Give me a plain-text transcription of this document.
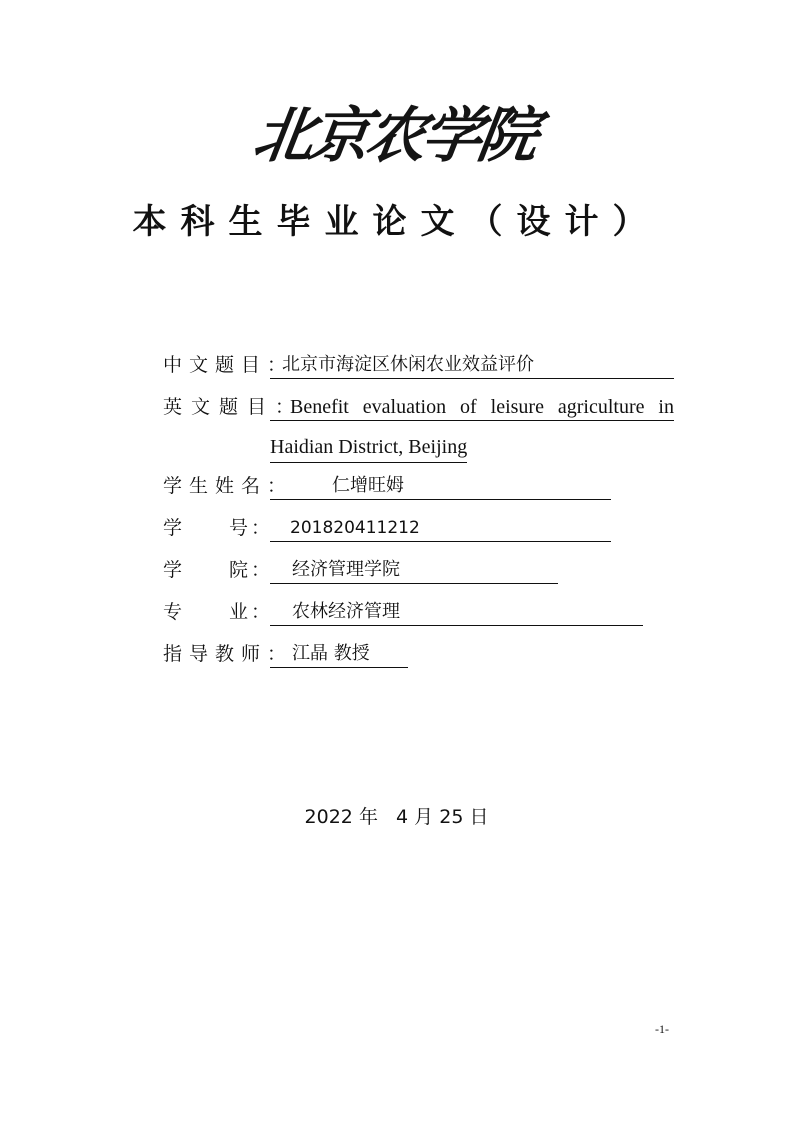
北京农学院
本科生毕业论文（设计）
中文题目：
北京市海淀区休闲农业效益评价
英文题目：
Benefit evaluation of leisure agriculture in
Haidian District, Beijing
学生姓名：	仁增旺姆
学　　号： 201820411212
学　　院：	经济管理学院
专　　业：	农林经济管理
指导教师：
江晶 教授
2022 年   4 月 25 日
-1-
